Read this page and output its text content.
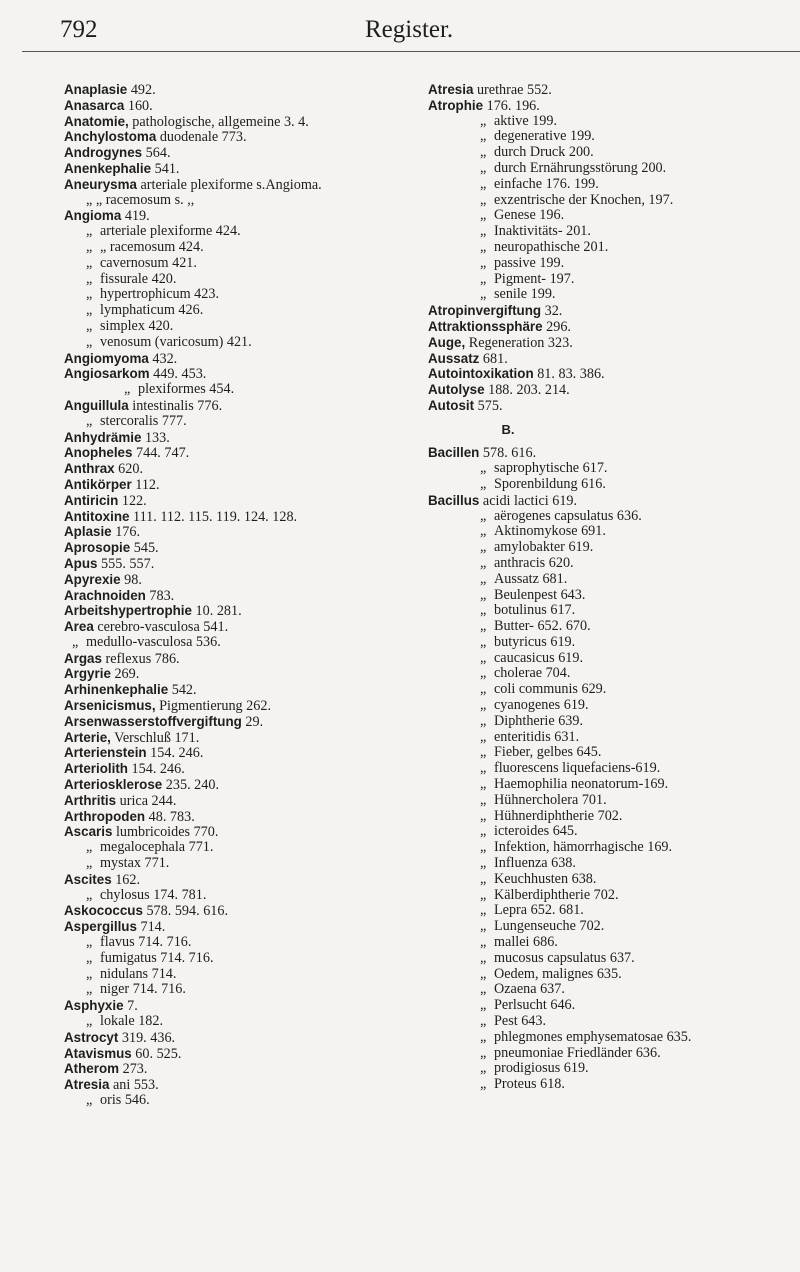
792	Register.
Anaplasie 492.
Anasarca 160.
Anatomie, pathologische, allgemeine 3. 4.
Anchylostoma duodenale 773.
Androgynes 564.
Anenkephalie 541.
Aneurysma arteriale plexiforme s.Angioma.
„ „ racemosum s. ,,
Angioma 419.
„ arteriale plexiforme 424.
„ „ racemosum 424.
„ cavernosum 421.
„ fissurale 420.
„ hypertrophicum 423.
„ lymphaticum 426.
„ simplex 420.
„ venosum (varicosum) 421.
Angiomyoma 432.
Angiosarkom 449. 453.
„ plexiformes 454.
Anguillula intestinalis 776.
„ stercoralis 777.
Anhydrämie 133.
Anopheles 744. 747.
Anthrax 620.
Antikörper 112.
Antiricin 122.
Antitoxine 111. 112. 115. 119. 124. 128.
Aplasie 176.
Aprosopie 545.
Apus 555. 557.
Apyrexie 98.
Arachnoiden 783.
Arbeitshypertrophie 10. 281.
Area cerebro-vasculosa 541.
„ medullo-vasculosa 536.
Argas reflexus 786.
Argyrie 269.
Arhinenkephalie 542.
Arsenicismus, Pigmentierung 262.
Arsenwasserstoffvergiftung 29.
Arterie, Verschluß 171.
Arterienstein 154. 246.
Arteriolith 154. 246.
Arteriosklerose 235. 240.
Arthritis urica 244.
Arthropoden 48. 783.
Ascaris lumbricoides 770.
„ megalocephala 771.
„ mystax 771.
Ascites 162.
„ chylosus 174. 781.
Askococcus 578. 594. 616.
Aspergillus 714.
„ flavus 714. 716.
„ fumigatus 714. 716.
„ nidulans 714.
„ niger 714. 716.
Asphyxie 7.
„ lokale 182.
Astrocyt 319. 436.
Atavismus 60. 525.
Atherom 273.
Atresia ani 553.
„ oris 546.
Atresia urethrae 552.
Atrophie 176. 196.
„ aktive 199.
„ degenerative 199.
„ durch Druck 200.
„ durch Ernährungsstörung 200.
„ einfache 176. 199.
„ exzentrische der Knochen, 197.
„ Genese 196.
„ Inaktivitäts- 201.
„ neuropathische 201.
„ passive 199.
„ Pigment- 197.
„ senile 199.
Atropinvergiftung 32.
Attraktionssphäre 296.
Auge, Regeneration 323.
Aussatz 681.
Autointoxikation 81. 83. 386.
Autolyse 188. 203. 214.
Autosit 575.
B.
Bacillen 578. 616.
„ saprophytische 617.
„ Sporenbildung 616.
Bacillus acidi lactici 619.
„ aërogenes capsulatus 636.
„ Aktinomykose 691.
„ amylobakter 619.
„ anthracis 620.
„ Aussatz 681.
„ Beulenpest 643.
„ botulinus 617.
„ Butter- 652. 670.
„ butyricus 619.
„ caucasicus 619.
„ cholerae 704.
„ coli communis 629.
„ cyanogenes 619.
„ Diphtherie 639.
„ enteritidis 631.
„ Fieber, gelbes 645.
„ fluorescens liquefaciens-619.
„ Haemophilia neonatorum-169.
„ Hühnercholera 701.
„ Hühnerdiphtherie 702.
„ icteroides 645.
„ Infektion, hämorrhagische 169.
„ Influenza 638.
„ Keuchhusten 638.
„ Kälberdiphtherie 702.
„ Lepra 652. 681.
„ Lungenseuche 702.
„ mallei 686.
„ mucosus capsulatus 637.
„ Oedem, malignes 635.
„ Ozaena 637.
„ Perlsucht 646.
„ Pest 643.
„ phlegmones emphysematosae 635.
„ pneumoniae Friedländer 636.
„ prodigiosus 619.
„ Proteus 618.
